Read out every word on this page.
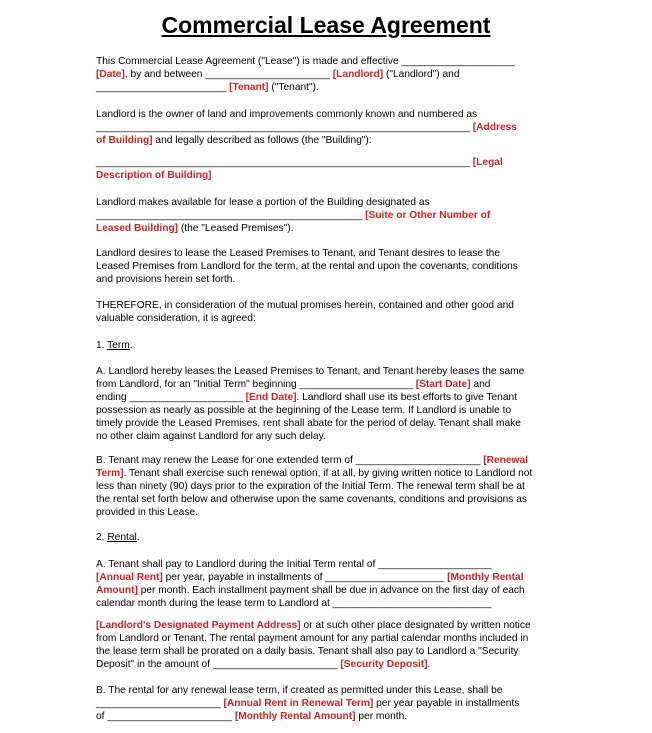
Commercial Lease Agreement
This Commercial Lease Agreement ("Lease") is made and effective ____________________
[Date], by and between ______________________ [Landlord] ("Landlord") and
_______________________ [Tenant] ("Tenant").
Landlord is the owner of land and improvements commonly known and numbered as
__________________________________________________________________ [Address
of Building] and legally described as follows (the "Building"):
__________________________________________________________________ [Legal
Description of Building]
Landlord makes available for lease a portion of the Building designated as
_______________________________________________ [Suite or Other Number of
Leased Building] (the "Leased Premises").
Landlord desires to lease the Leased Premises to Tenant, and Tenant desires to lease the
Leased Premises from Landlord for the term, at the rental and upon the covenants, conditions
and provisions herein set forth.
THEREFORE, in consideration of the mutual promises herein, contained and other good and
valuable consideration, it is agreed:
1. Term.
A. Landlord hereby leases the Leased Premises to Tenant, and Tenant hereby leases the same
from Landlord, for an "Initial Term" beginning ____________________ [Start Date] and
ending ____________________ [End Date]. Landlord shall use its best efforts to give Tenant
possession as nearly as possible at the beginning of the Lease term. If Landlord is unable to
timely provide the Leased Premises, rent shall abate for the period of delay. Tenant shall make
no other claim against Landlord for any such delay.
B. Tenant may renew the Lease for one extended term of ______________________ [Renewal
Term]. Tenant shall exercise such renewal option, if at all, by giving written notice to Landlord not
less than ninety (90) days prior to the expiration of the Initial Term. The renewal term shall be at
the rental set forth below and otherwise upon the same covenants, conditions and provisions as
provided in this Lease.
2. Rental.
A. Tenant shall pay to Landlord during the Initial Term rental of ____________________
[Annual Rent] per year, payable in installments of _____________________ [Monthly Rental
Amount] per month. Each installment payment shall be due in advance on the first day of each
calendar month during the lease term to Landlord at ____________________________
[Landlord's Designated Payment Address] or at such other place designated by written notice
from Landlord or Tenant. The rental payment amount for any partial calendar months included in
the lease term shall be prorated on a daily basis. Tenant shall also pay to Landlord a "Security
Deposit" in the amount of ______________________ [Security Deposit].
B. The rental for any renewal lease term, if created as permitted under this Lease, shall be
______________________ [Annual Rent in Renewal Term] per year payable in installments
of ______________________ [Monthly Rental Amount] per month.
